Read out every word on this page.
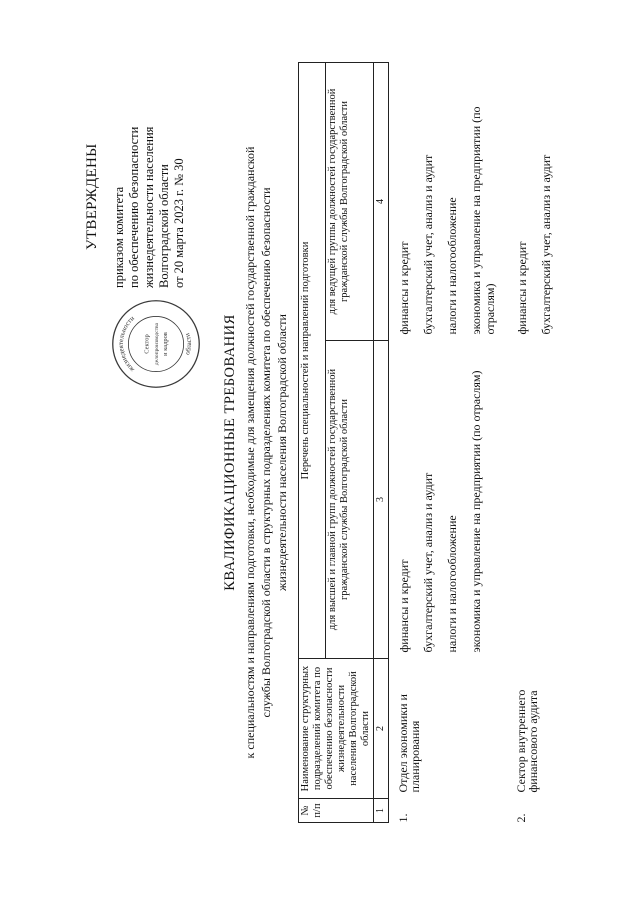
УТВЕРЖДЕНЫ приказом комитета по обеспечению безопасности жизнедеятельности населения Волгоградской области от 20 марта 2023 г. № 30
жизнедеятельности
области
Сектор делопроизводства и кадров	КВАЛИФИКАЦИОННЫЕ ТРЕБОВАНИЯ к специальностям и направлениям подготовки, необходимые для замещения должностей государственной гражданской службы Волгоградской области в структурных подразделениях комитета по обеспечению безопасности жизнедеятельности населения Волгоградской области
№ п/п	Наименование структурных подразделений комитета по обеспечению безопасности жизнедеятельности населения Волгоградской области	Перечень специальностей и направлений подготовки	
		для высшей и главной групп должностей государственной гражданской службы Волгоградской области	для ведущей группы должностей государственной гражданской службы Волгоградской области
1	2	3	4
1.	Отдел экономики и планирования	финансы и кредит бухгалтерский учет, анализ и аудит налоги и налогообложение экономика и управление на предприятии (по отраслям)	финансы и кредит бухгалтерский учет, анализ и аудит налоги и налогообложение экономика и управление на предприятии (по отраслям)

2.	Сектор внутреннего финансового аудита		финансы и кредит бухгалтерский учет, анализ и аудит
